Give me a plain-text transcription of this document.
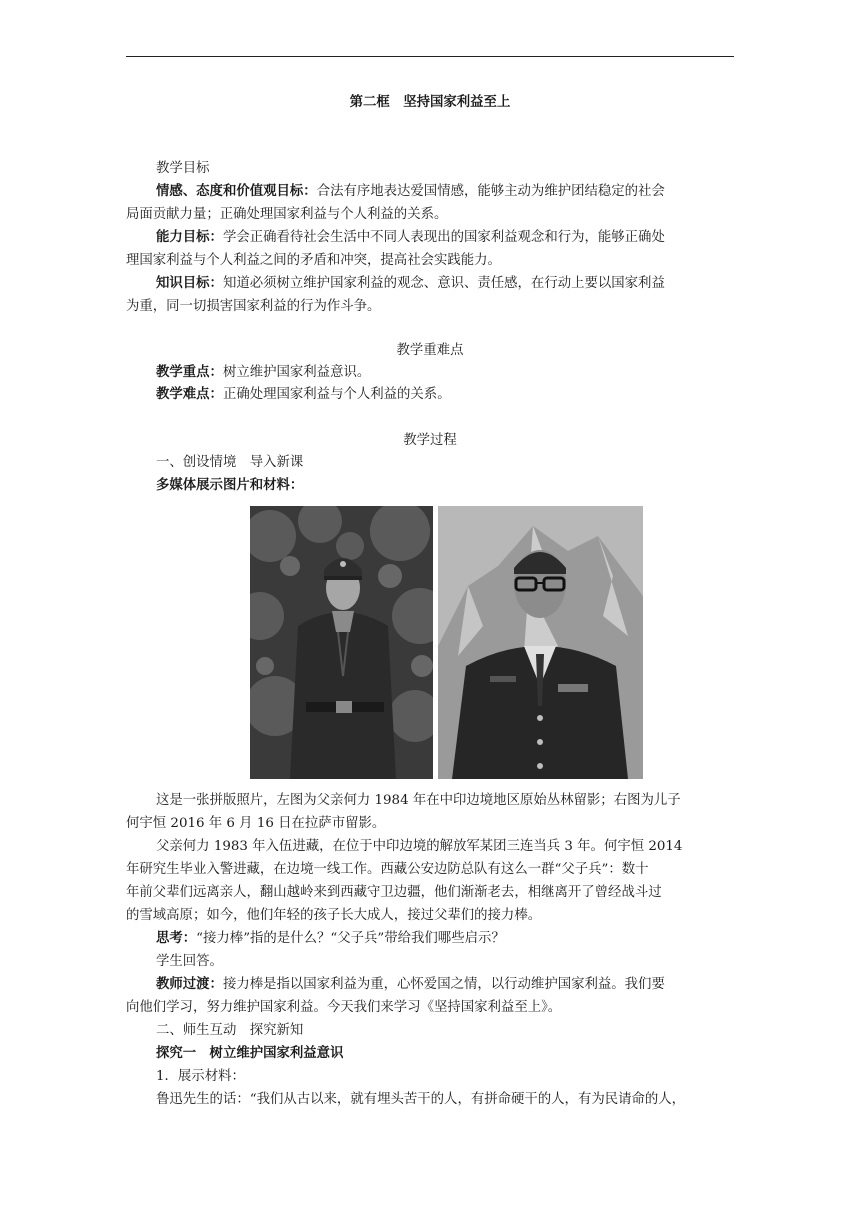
第二框　坚持国家利益至上
教学目标
情感、态度和价值观目标：合法有序地表达爱国情感，能够主动为维护团结稳定的社会
局面贡献力量；正确处理国家利益与个人利益的关系。
能力目标：学会正确看待社会生活中不同人表现出的国家利益观念和行为，能够正确处
理国家利益与个人利益之间的矛盾和冲突，提高社会实践能力。
知识目标：知道必须树立维护国家利益的观念、意识、责任感，在行动上要以国家利益
为重，同一切损害国家利益的行为作斗争。
教学重难点
教学重点：树立维护国家利益意识。
教学难点：正确处理国家利益与个人利益的关系。
教学过程
一、创设情境　导入新课
多媒体展示图片和材料：
这是一张拼版照片，左图为父亲何力 1984 年在中印边境地区原始丛林留影；右图为儿子
何宇恒 2016 年 6 月 16 日在拉萨市留影。
父亲何力 1983 年入伍进藏，在位于中印边境的解放军某团三连当兵 3 年。何宇恒 2014
年研究生毕业入警进藏，在边境一线工作。西藏公安边防总队有这么一群“父子兵”：数十
年前父辈们远离亲人，翻山越岭来到西藏守卫边疆，他们渐渐老去，相继离开了曾经战斗过
的雪域高原；如今，他们年轻的孩子长大成人，接过父辈们的接力棒。
思考：“接力棒”指的是什么？“父子兵”带给我们哪些启示？
学生回答。
教师过渡：接力棒是指以国家利益为重，心怀爱国之情，以行动维护国家利益。我们要
向他们学习，努力维护国家利益。今天我们来学习《坚持国家利益至上》。
二、师生互动　探究新知
探究一　树立维护国家利益意识
1．展示材料：
鲁迅先生的话：“我们从古以来，就有埋头苦干的人，有拼命硬干的人，有为民请命的人，
